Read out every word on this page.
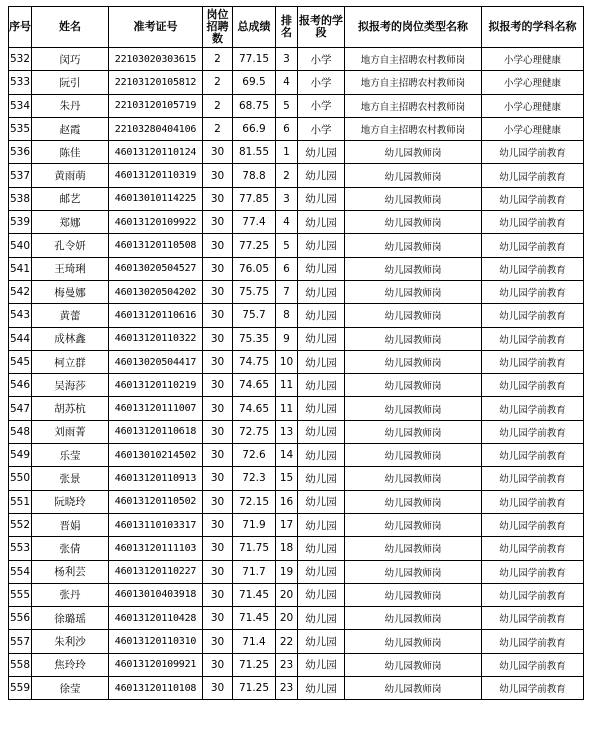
序号	姓名	准考证号	岗位招聘数	总成绩	排名	报考的学段	拟报考的岗位类型名称	拟报考的学科名称
532	闵巧	22103020303615	2	77.15	3	小学	地方自主招聘农村教师岗	小学心理健康
533	阮引	22103120105812	2	69.5	4	小学	地方自主招聘农村教师岗	小学心理健康
534	朱丹	22103120105719	2	68.75	5	小学	地方自主招聘农村教师岗	小学心理健康
535	赵霞	22103280404106	2	66.9	6	小学	地方自主招聘农村教师岗	小学心理健康
536	陈佳	46013120110124	30	81.55	1	幼儿园	幼儿园教师岗	幼儿园学前教育
537	黄雨萌	46013120110319	30	78.8	2	幼儿园	幼儿园教师岗	幼儿园学前教育
538	邮艺	46013010114225	30	77.85	3	幼儿园	幼儿园教师岗	幼儿园学前教育
539	郑娜	46013120109922	30	77.4	4	幼儿园	幼儿园教师岗	幼儿园学前教育
540	孔令妍	46013120110508	30	77.25	5	幼儿园	幼儿园教师岗	幼儿园学前教育
541	王琦琍	46013020504527	30	76.05	6	幼儿园	幼儿园教师岗	幼儿园学前教育
542	梅曼娜	46013020504202	30	75.75	7	幼儿园	幼儿园教师岗	幼儿园学前教育
543	黄蕾	46013120110616	30	75.7	8	幼儿园	幼儿园教师岗	幼儿园学前教育
544	成林鑫	46013120110322	30	75.35	9	幼儿园	幼儿园教师岗	幼儿园学前教育
545	柯立群	46013020504417	30	74.75	10	幼儿园	幼儿园教师岗	幼儿园学前教育
546	吴海莎	46013120110219	30	74.65	11	幼儿园	幼儿园教师岗	幼儿园学前教育
547	胡苏杭	46013120111007	30	74.65	11	幼儿园	幼儿园教师岗	幼儿园学前教育
548	刘雨菁	46013120110618	30	72.75	13	幼儿园	幼儿园教师岗	幼儿园学前教育
549	乐莹	46013010214502	30	72.6	14	幼儿园	幼儿园教师岗	幼儿园学前教育
550	张景	46013120110913	30	72.3	15	幼儿园	幼儿园教师岗	幼儿园学前教育
551	阮晓玲	46013120110502	30	72.15	16	幼儿园	幼儿园教师岗	幼儿园学前教育
552	晋娟	46013110103317	30	71.9	17	幼儿园	幼儿园教师岗	幼儿园学前教育
553	张倩	46013120111103	30	71.75	18	幼儿园	幼儿园教师岗	幼儿园学前教育
554	杨利芸	46013120110227	30	71.7	19	幼儿园	幼儿园教师岗	幼儿园学前教育
555	张丹	46013010403918	30	71.45	20	幼儿园	幼儿园教师岗	幼儿园学前教育
556	徐璐瑶	46013120110428	30	71.45	20	幼儿园	幼儿园教师岗	幼儿园学前教育
557	朱利沙	46013120110310	30	71.4	22	幼儿园	幼儿园教师岗	幼儿园学前教育
558	焦玲玲	46013120109921	30	71.25	23	幼儿园	幼儿园教师岗	幼儿园学前教育
559	徐莹	46013120110108	30	71.25	23	幼儿园	幼儿园教师岗	幼儿园学前教育
